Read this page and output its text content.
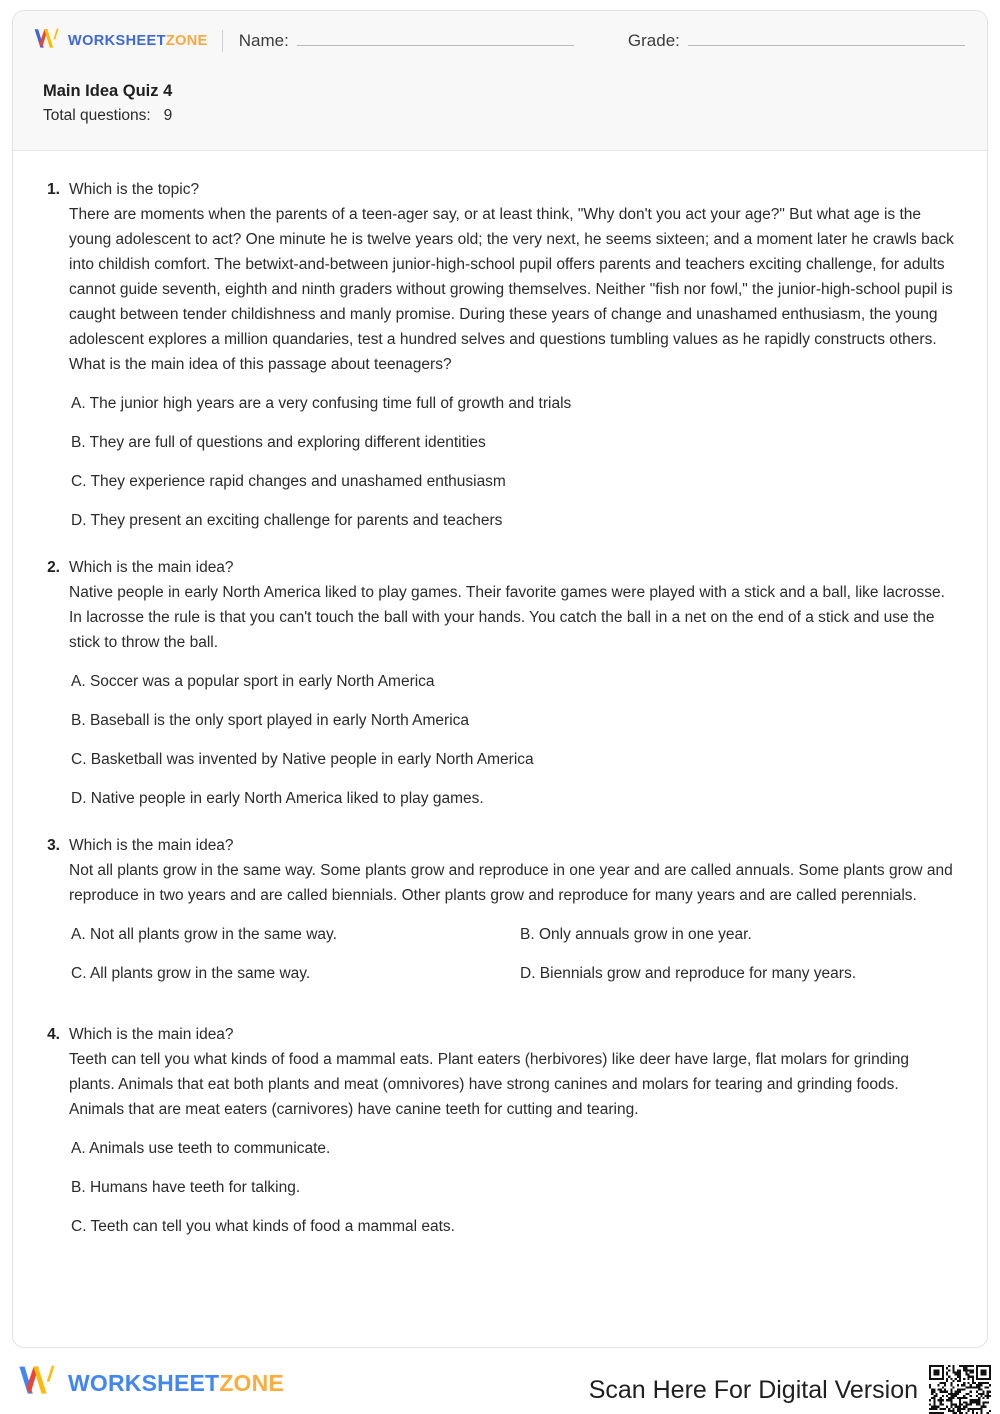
WORKSHEETZONE Name:	Grade:
Main Idea Quiz 4
Total questions:   9
1. Which is the topic?
There are moments when the parents of a teen-ager say, or at least think, "Why don't you act your age?" But what age is the young adolescent to act? One minute he is twelve years old; the very next, he seems sixteen; and a moment later he crawls back into childish comfort. The betwixt-and-between junior-high-school pupil offers parents and teachers exciting challenge, for adults cannot guide seventh, eighth and ninth graders without growing themselves. Neither "fish nor fowl," the junior-high-school pupil is caught between tender childishness and manly promise. During these years of change and unashamed enthusiasm, the young adolescent explores a million quandaries, test a hundred selves and questions tumbling values as he rapidly constructs others. What is the main idea of this passage about teenagers?
A. The junior high years are a very confusing time full of growth and trials
B. They are full of questions and exploring different identities
C. They experience rapid changes and unashamed enthusiasm
D. They present an exciting challenge for parents and teachers
2. Which is the main idea?
Native people in early North America liked to play games. Their favorite games were played with a stick and a ball, like lacrosse. In lacrosse the rule is that you can't touch the ball with your hands. You catch the ball in a net on the end of a stick and use the stick to throw the ball.
A. Soccer was a popular sport in early North America
B. Baseball is the only sport played in early North America
C. Basketball was invented by Native people in early North America
D. Native people in early North America liked to play games.
3. Which is the main idea?
Not all plants grow in the same way. Some plants grow and reproduce in one year and are called annuals. Some plants grow and reproduce in two years and are called biennials. Other plants grow and reproduce for many years and are called perennials.
A. Not all plants grow in the same way.	B. Only annuals grow in one year.
C. All plants grow in the same way.	D. Biennials grow and reproduce for many years.
4. Which is the main idea?
Teeth can tell you what kinds of food a mammal eats. Plant eaters (herbivores) like deer have large, flat molars for grinding plants. Animals that eat both plants and meat (omnivores) have strong canines and molars for tearing and grinding foods. Animals that are meat eaters (carnivores) have canine teeth for cutting and tearing.
A. Animals use teeth to communicate.
B. Humans have teeth for talking.
C. Teeth can tell you what kinds of food a mammal eats.
WORKSHEETZONE	Scan Here For Digital Version
